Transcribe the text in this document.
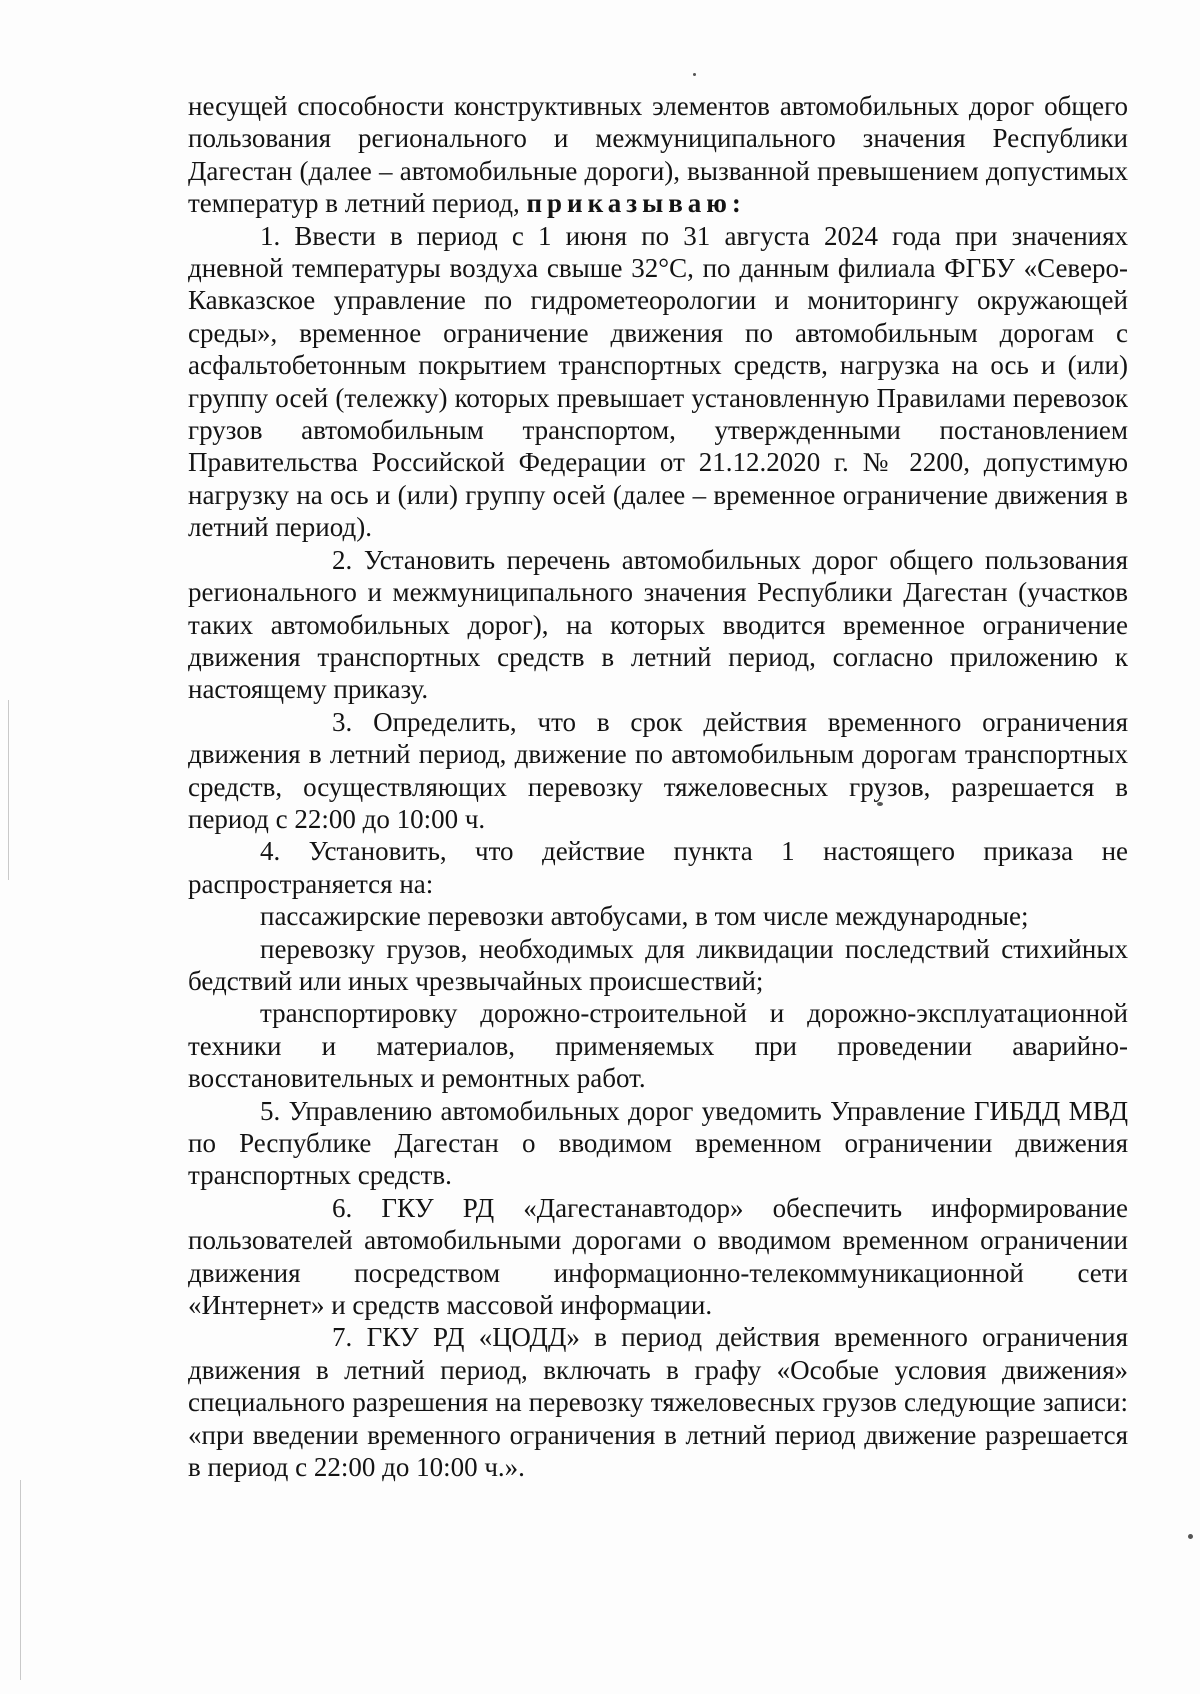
несущей способности конструктивных элементов автомобильных дорог общего пользования регионального и межмуниципального значения Республики Дагестан (далее – автомобильные дороги), вызванной превышением допустимых температур в летний период, приказываю:

1. Ввести в период с 1 июня по 31 августа 2024 года при значениях дневной температуры воздуха свыше 32°С, по данным филиала ФГБУ «Северо-Кавказское управление по гидрометеорологии и мониторингу окружающей среды», временное ограничение движения по автомобильным дорогам с асфальтобетонным покрытием транспортных средств, нагрузка на ось и (или) группу осей (тележку) которых превышает установленную Правилами перевозок грузов автомобильным транспортом, утвержденными постановлением Правительства Российской Федерации от 21.12.2020 г. № 2200, допустимую нагрузку на ось и (или) группу осей (далее – временное ограничение движения в летний период).

2. Установить перечень автомобильных дорог общего пользования регионального и межмуниципального значения Республики Дагестан (участков таких автомобильных дорог), на которых вводится временное ограничение движения транспортных средств в летний период, согласно приложению к настоящему приказу.

3. Определить, что в срок действия временного ограничения движения в летний период, движение по автомобильным дорогам транспортных средств, осуществляющих перевозку тяжеловесных грузов, разрешается в период с 22:00 до 10:00 ч.

4. Установить, что действие пункта 1 настоящего приказа не распространяется на:

пассажирские перевозки автобусами, в том числе международные;

перевозку грузов, необходимых для ликвидации последствий стихийных бедствий или иных чрезвычайных происшествий;

транспортировку дорожно-строительной и дорожно-эксплуатационной техники и материалов, применяемых при проведении аварийно-восстановительных и ремонтных работ.

5. Управлению автомобильных дорог уведомить Управление ГИБДД МВД по Республике Дагестан о вводимом временном ограничении движения транспортных средств.

6. ГКУ РД «Дагестанавтодор» обеспечить информирование пользователей автомобильными дорогами о вводимом временном ограничении движения посредством информационно-телекоммуникационной сети «Интернет» и средств массовой информации.

7. ГКУ РД «ЦОДД» в период действия временного ограничения движения в летний период, включать в графу «Особые условия движения» специального разрешения на перевозку тяжеловесных грузов следующие записи: «при введении временного ограничения в летний период движение разрешается в период с 22:00 до 10:00 ч.».
